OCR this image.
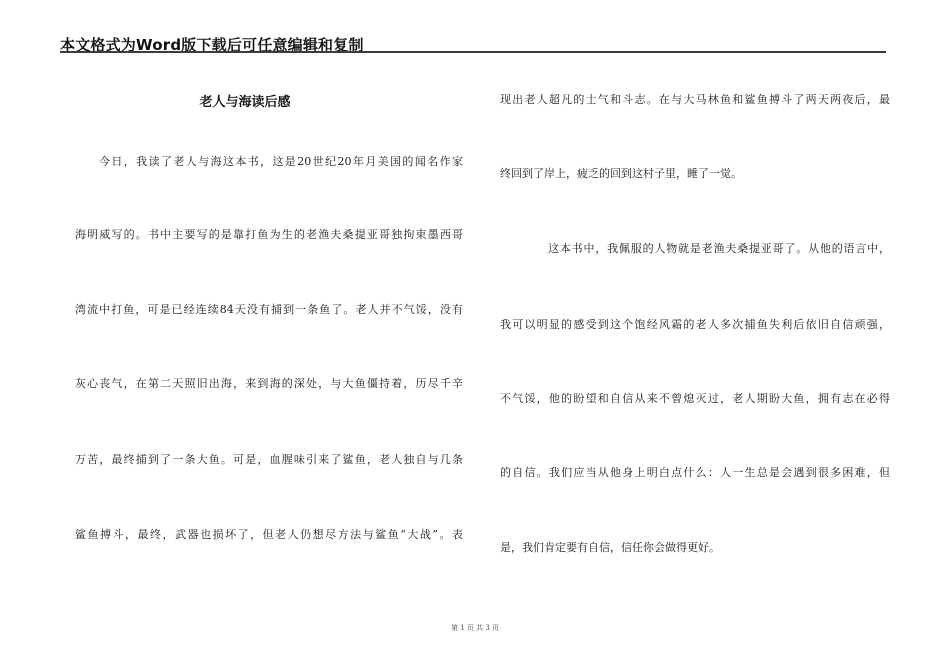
本文格式为Word版下载后可任意编辑和复制
老人与海读后感
今日，我读了老人与海这本书，这是20世纪20年月美国的闻名作家
海明威写的。书中主要写的是靠打鱼为生的老渔夫桑提亚哥独拘束墨西哥
湾流中打鱼，可是已经连续84天没有捕到一条鱼了。老人并不气馁，没有
灰心丧气，在第二天照旧出海，来到海的深处，与大鱼僵持着，历尽千辛
万苦，最终捕到了一条大鱼。可是，血腥味引来了鲨鱼，老人独自与几条
鲨鱼搏斗，最终，武器也损坏了，但老人仍想尽方法与鲨鱼“大战”。表
现出老人超凡的士气和斗志。在与大马林鱼和鲨鱼搏斗了两天两夜后，最
终回到了岸上，疲乏的回到这村子里，睡了一觉。
这本书中，我佩服的人物就是老渔夫桑提亚哥了。从他的语言中，
我可以明显的感受到这个饱经风霜的老人多次捕鱼失利后依旧自信顽强，
不气馁，他的盼望和自信从来不曾熄灭过，老人期盼大鱼，拥有志在必得
的自信。我们应当从他身上明白点什么：人一生总是会遇到很多困难，但
是，我们肯定要有自信，信任你会做得更好。
第 1 页 共 3 页
